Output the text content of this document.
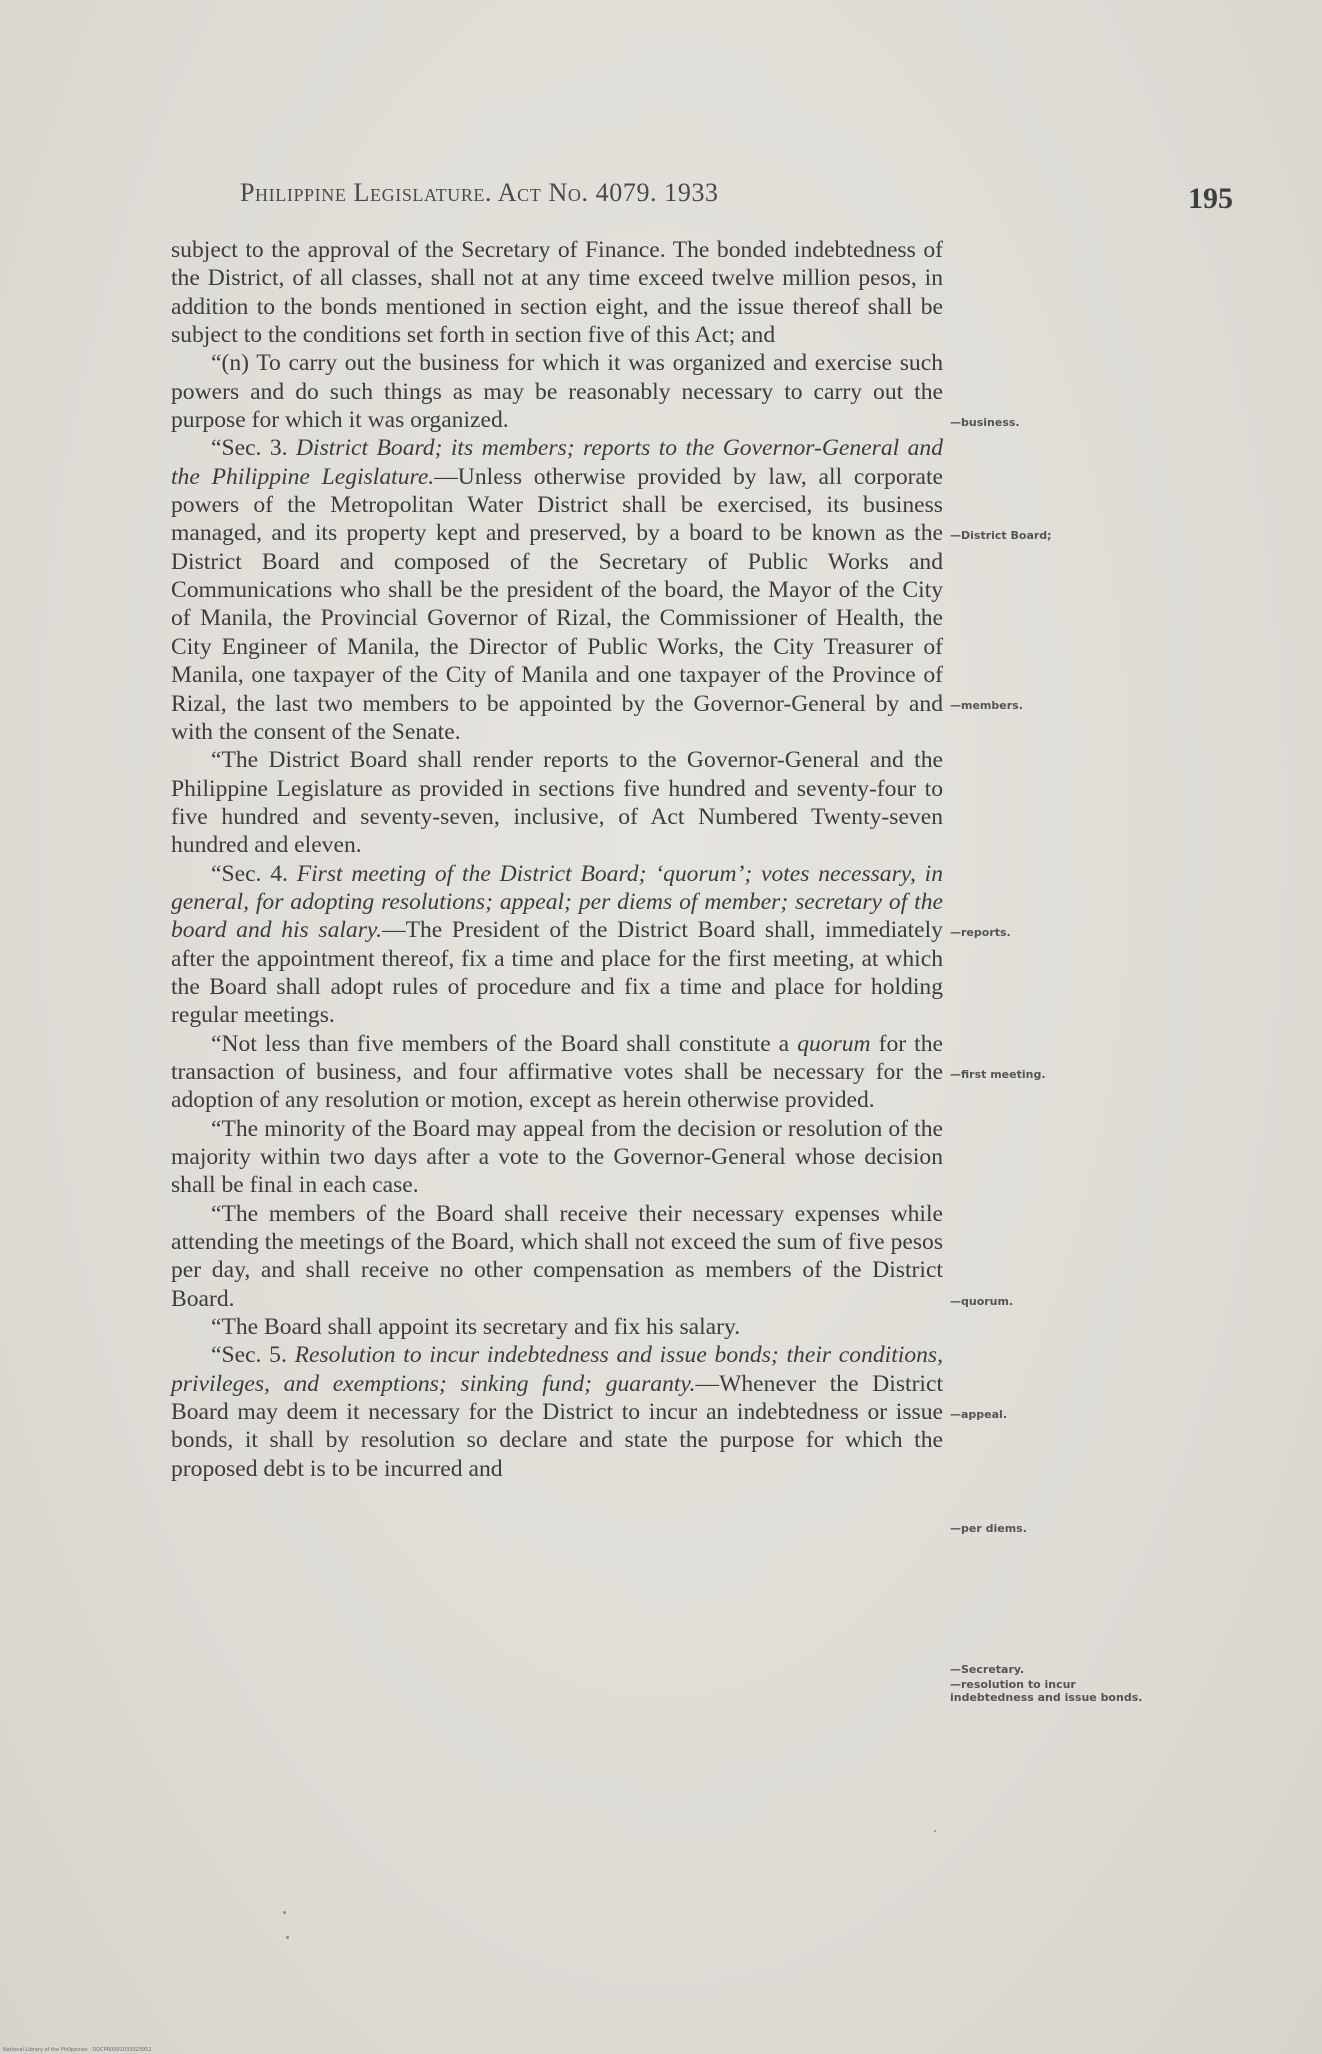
Philippine Legislature. Act No. 4079. 1933	195

subject to the approval of the Secretary of Finance. The bonded indebtedness of the District, of all classes, shall not at any time exceed twelve million pesos, in addition to the bonds mentioned in section eight, and the issue thereof shall be subject to the conditions set forth in section five of this Act; and

“(n) To carry out the business for which it was organized and exercise such powers and do such things as may be reasonably necessary to carry out the purpose for which it was organized.

“Sec. 3. District Board; its members; reports to the Governor-General and the Philippine Legislature.—Unless otherwise provided by law, all corporate powers of the Metropolitan Water District shall be exercised, its business managed, and its property kept and preserved, by a board to be known as the District Board and composed of the Secretary of Public Works and Communications who shall be the president of the board, the Mayor of the City of Manila, the Provincial Governor of Rizal, the Commissioner of Health, the City Engineer of Manila, the Director of Public Works, the City Treasurer of Manila, one taxpayer of the City of Manila and one taxpayer of the Province of Rizal, the last two members to be appointed by the Governor-General by and with the consent of the Senate.

“The District Board shall render reports to the Governor-General and the Philippine Legislature as provided in sections five hundred and seventy-four to five hundred and seventy-seven, inclusive, of Act Numbered Twenty-seven hundred and eleven.

“Sec. 4. First meeting of the District Board; ‘quorum’; votes necessary, in general, for adopting resolutions; appeal; per diems of member; secretary of the board and his salary.—The President of the District Board shall, immediately after the appointment thereof, fix a time and place for the first meeting, at which the Board shall adopt rules of procedure and fix a time and place for holding regular meetings.

“Not less than five members of the Board shall constitute a quorum for the transaction of business, and four affirmative votes shall be necessary for the adoption of any resolution or motion, except as herein otherwise provided.

“The minority of the Board may appeal from the decision or resolution of the majority within two days after a vote to the Governor-General whose decision shall be final in each case.

“The members of the Board shall receive their necessary expenses while attending the meetings of the Board, which shall not exceed the sum of five pesos per day, and shall receive no other compensation as members of the District Board.

“The Board shall appoint its secretary and fix his salary.

“Sec. 5. Resolution to incur indebtedness and issue bonds; their conditions, privileges, and exemptions; sinking fund; guaranty.—Whenever the District Board may deem it necessary for the District to incur an indebtedness or issue bonds, it shall by resolution so declare and state the purpose for which the proposed debt is to be incurred and

—business.
—District Board;
—members.
—reports.
—first meeting.
—quorum.
—appeal.
—per diems.
—Secretary.
—resolution to incur indebtedness and issue bonds.
National Library of the Philippines · DOCPR0001033023951
